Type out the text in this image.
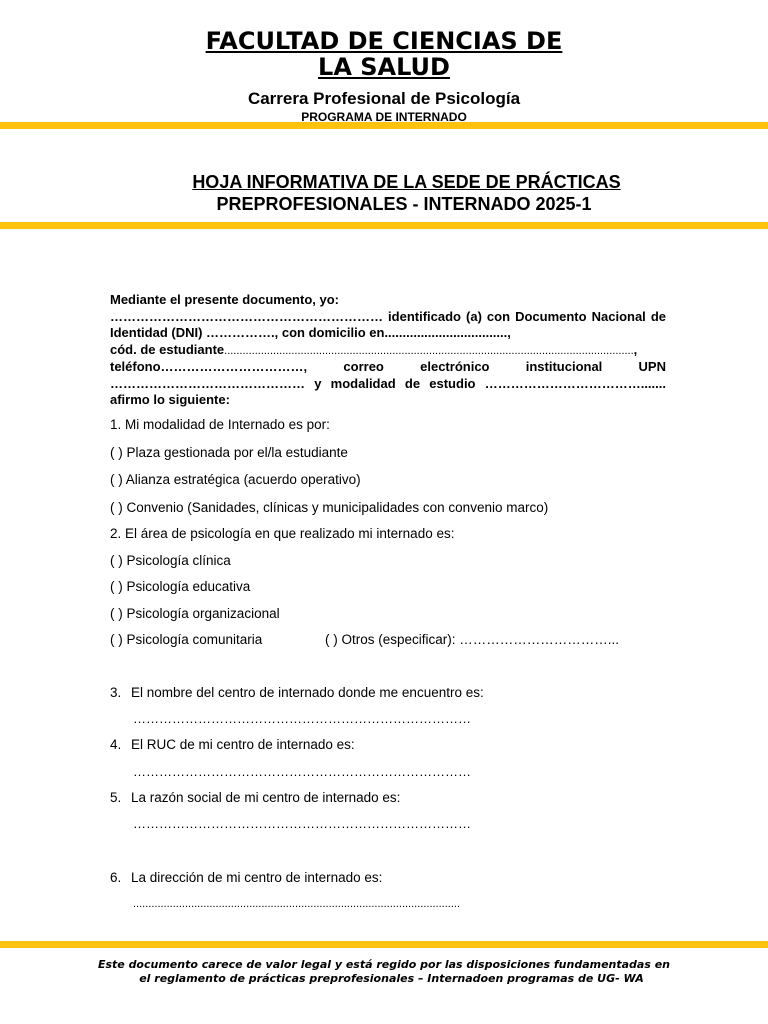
FACULTAD DE CIENCIAS DE
LA SALUD
Carrera Profesional de Psicología
PROGRAMA DE INTERNADO
HOJA INFORMATIVA DE LA SEDE DE PRÁCTICAS
PREPROFESIONALES - INTERNADO 2025-1

Mediante el presente documento, yo:

……………………………………………………… identificado (a) con Documento Nacional de Identidad (DNI) ……………., con domicilio en..................................,

cód. de estudiante......................................................................................................................................,

teléfono……………………………, correo electrónico institucional UPN ……………………………………… y modalidad de estudio ………………………………....... afirmo lo siguiente:

1. Mi modalidad de Internado es por:
( ) Plaza gestionada por el/la estudiante
( ) Alianza estratégica (acuerdo operativo)
( ) Convenio (Sanidades, clínicas y municipalidades con convenio marco)
2. El área de psicología en que realizado mi internado es:
( ) Psicología clínica
( ) Psicología educativa
( ) Psicología organizacional
( ) Psicología comunitaria	( ) Otros (especificar): ……………………………...
3. El nombre del centro de internado donde me encuentro es:
……………………………………………………………………
4. El RUC de mi centro de internado es:
……………………………………………………………………
5. La razón social de mi centro de internado es:
……………………………………………………………………
6. La dirección de mi centro de internado es:
...........................................................................................................
Este documento carece de valor legal y está regido por las disposiciones fundamentadas en
el reglamento de prácticas preprofesionales – Internadoen programas de UG- WA
